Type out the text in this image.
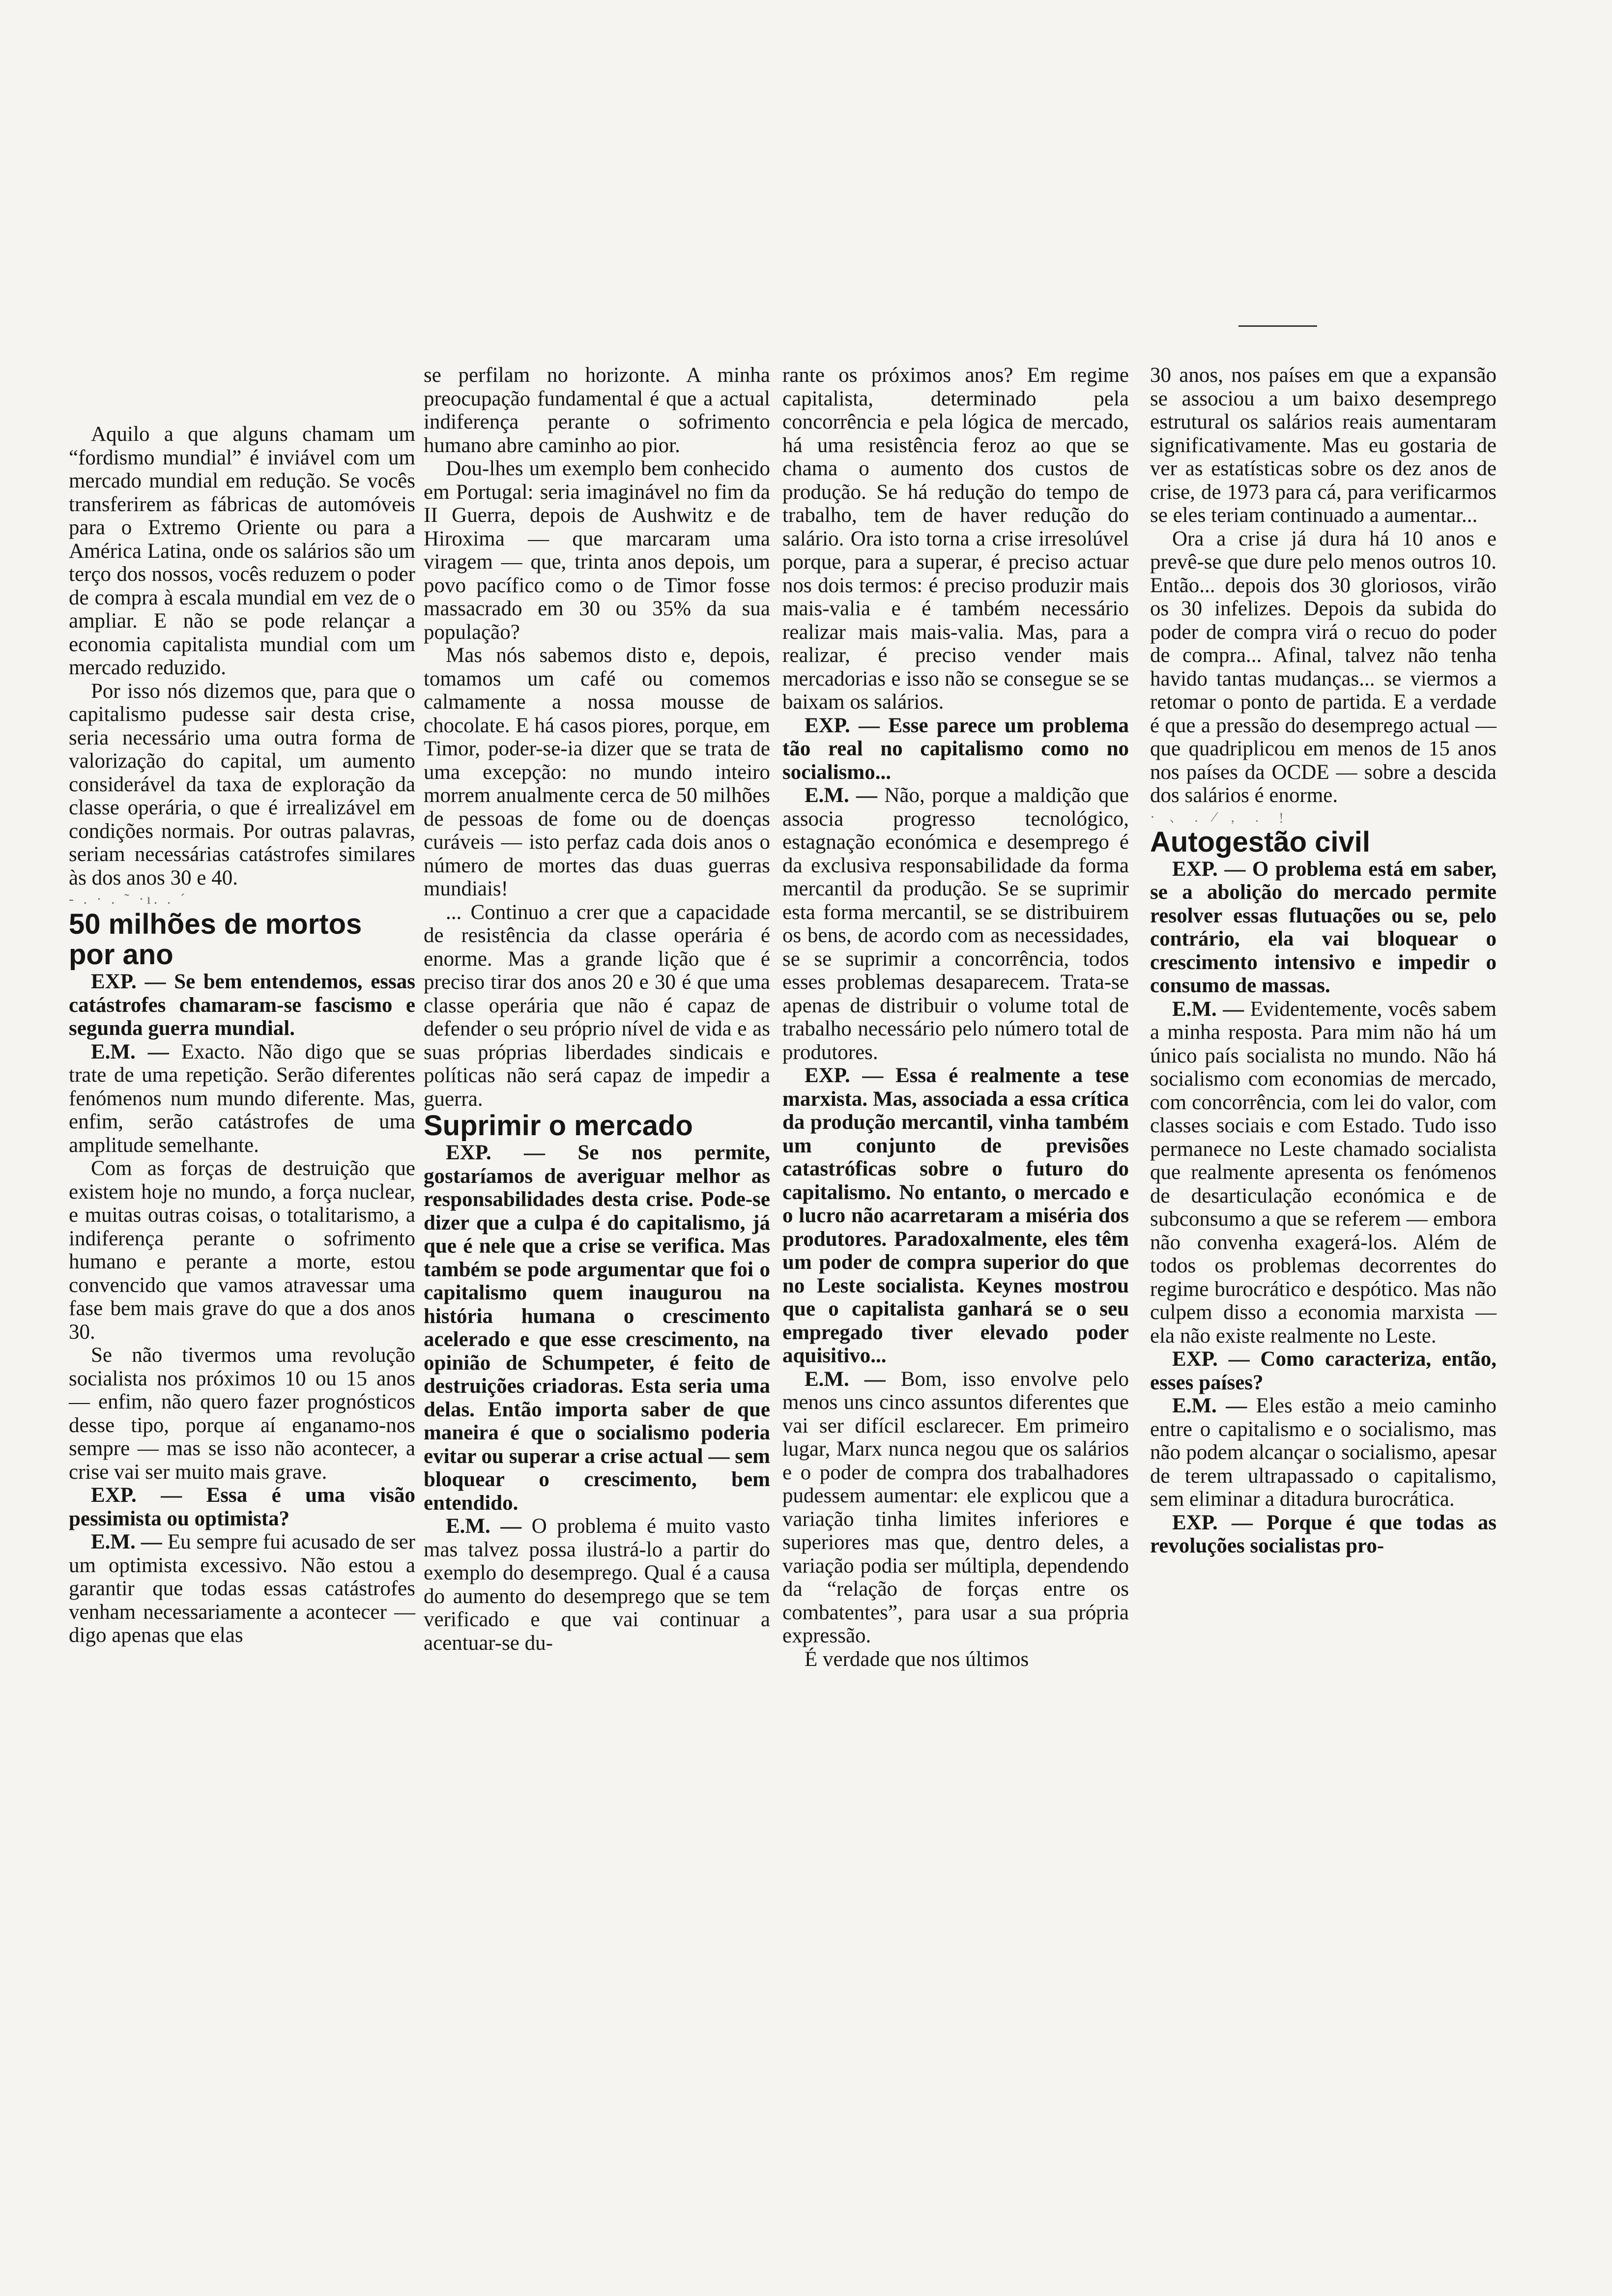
Aquilo a que alguns chamam um “fordismo mundial” é inviável com um mercado mundial em redução. Se vocês transferirem as fábricas de automóveis para o Extremo Oriente ou para a América Latina, onde os salários são um terço dos nossos, vocês reduzem o poder de compra à escala mundial em vez de o ampliar. E não se pode relançar a economia capitalista mundial com um mercado reduzido.

Por isso nós dizemos que, para que o capitalismo pudesse sair desta crise, seria necessário uma outra forma de valorização do capital, um aumento considerável da taxa de exploração da classe operária, o que é irrealizável em condições normais. Por outras palavras, seriam necessárias catástrofes similares às dos anos 30 e 40.

- . · . ˜ ·ı. . ´

50 milhões de mortos por ano

EXP. — Se bem entendemos, essas catástrofes chamaram-se fascismo e segunda guerra mundial.

E.M. — Exacto. Não digo que se trate de uma repetição. Serão diferentes fenómenos num mundo diferente. Mas, enfim, serão catástrofes de uma amplitude semelhante.

Com as forças de destruição que existem hoje no mundo, a força nuclear, e muitas outras coisas, o totalitarismo, a indiferença perante o sofrimento humano e perante a morte, estou convencido que vamos atravessar uma fase bem mais grave do que a dos anos 30.

Se não tivermos uma revolução socialista nos próximos 10 ou 15 anos — enfim, não quero fazer prognósticos desse tipo, porque aí enganamo-nos sempre — mas se isso não acontecer, a crise vai ser muito mais grave.

EXP. — Essa é uma visão pessimista ou optimista?

E.M. — Eu sempre fui acusado de ser um optimista excessivo. Não estou a garantir que todas essas catástrofes venham necessariamente a acontecer — digo apenas que elas

se perfilam no horizonte. A minha preocupação fundamental é que a actual indiferença perante o sofrimento humano abre caminho ao pior.

Dou-lhes um exemplo bem conhecido em Portugal: seria imaginável no fim da II Guerra, depois de Aushwitz e de Hiroxima — que marcaram uma viragem — que, trinta anos depois, um povo pacífico como o de Timor fosse massacrado em 30 ou 35% da sua população?

Mas nós sabemos disto e, depois, tomamos um café ou comemos calmamente a nossa mousse de chocolate. E há casos piores, porque, em Timor, poder-se-ia dizer que se trata de uma excepção: no mundo inteiro morrem anualmente cerca de 50 milhões de pessoas de fome ou de doenças curáveis — isto perfaz cada dois anos o número de mortes das duas guerras mundiais!

... Continuo a crer que a capacidade de resistência da classe operária é enorme. Mas a grande lição que é preciso tirar dos anos 20 e 30 é que uma classe operária que não é capaz de defender o seu próprio nível de vida e as suas próprias liberdades sindicais e políticas não será capaz de impedir a guerra.

Suprimir o mercado

EXP. — Se nos permite, gostaríamos de averiguar melhor as responsabilidades desta crise. Pode-se dizer que a culpa é do capitalismo, já que é nele que a crise se verifica. Mas também se pode argumentar que foi o capitalismo quem inaugurou na história humana o crescimento acelerado e que esse crescimento, na opinião de Schumpeter, é feito de destruições criadoras. Esta seria uma delas. Então importa saber de que maneira é que o socialismo poderia evitar ou superar a crise actual — sem bloquear o crescimento, bem entendido.

E.M. — O problema é muito vasto mas talvez possa ilustrá-lo a partir do exemplo do desemprego. Qual é a causa do aumento do desemprego que se tem verificado e que vai continuar a acentuar-se du-

rante os próximos anos? Em regime capitalista, determinado pela concorrência e pela lógica de mercado, há uma resistência feroz ao que se chama o aumento dos custos de produção. Se há redução do tempo de trabalho, tem de haver redução do salário. Ora isto torna a crise irresolúvel porque, para a superar, é preciso actuar nos dois termos: é preciso produzir mais mais-valia e é também necessário realizar mais mais-valia. Mas, para a realizar, é preciso vender mais mercadorias e isso não se consegue se se baixam os salários.

EXP. — Esse parece um problema tão real no capitalismo como no socialismo...

E.M. — Não, porque a maldição que associa progresso tecnológico, estagnação económica e desemprego é da exclusiva responsabilidade da forma mercantil da produção. Se se suprimir esta forma mercantil, se se distribuirem os bens, de acordo com as necessidades, se se suprimir a concorrência, todos esses problemas desaparecem. Trata-se apenas de distribuir o volume total de trabalho necessário pelo número total de produtores.

EXP. — Essa é realmente a tese marxista. Mas, associada a essa crítica da produção mercantil, vinha também um conjunto de previsões catastróficas sobre o futuro do capitalismo. No entanto, o mercado e o lucro não acarretaram a miséria dos produtores. Paradoxalmente, eles têm um poder de compra superior do que no Leste socialista. Keynes mostrou que o capitalista ganhará se o seu empregado tiver elevado poder aquisitivo...

E.M. — Bom, isso envolve pelo menos uns cinco assuntos diferentes que vai ser difícil esclarecer. Em primeiro lugar, Marx nunca negou que os salários e o poder de compra dos trabalhadores pudessem aumentar: ele explicou que a variação tinha limites inferiores e superiores mas que, dentro deles, a variação podia ser múltipla, dependendo da “relação de forças entre os combatentes”, para usar a sua própria expressão.

É verdade que nos últimos

30 anos, nos países em que a expansão se associou a um baixo desemprego estrutural os salários reais aumentaram significativamente. Mas eu gostaria de ver as estatísticas sobre os dez anos de crise, de 1973 para cá, para verificarmos se eles teriam continuado a aumentar...

Ora a crise já dura há 10 anos e prevê-se que dure pelo menos outros 10. Então... depois dos 30 gloriosos, virão os 30 infelizes. Depois da subida do poder de compra virá o recuo do poder de compra... Afinal, talvez não tenha havido tantas mudanças... se viermos a retomar o ponto de partida. E a verdade é que a pressão do desemprego actual — que quadriplicou em menos de 15 anos nos países da OCDE — sobre a descida dos salários é enorme.

· ﹑ ﹒ ⁄ ﹐ ﹒ ﹗

Autogestão civil

EXP. — O problema está em saber, se a abolição do mercado permite resolver essas flutuações ou se, pelo contrário, ela vai bloquear o crescimento intensivo e impedir o consumo de massas.

E.M. — Evidentemente, vocês sabem a minha resposta. Para mim não há um único país socialista no mundo. Não há socialismo com economias de mercado, com concorrência, com lei do valor, com classes sociais e com Estado. Tudo isso permanece no Leste chamado socialista que realmente apresenta os fenómenos de desarticulação económica e de subconsumo a que se referem — embora não convenha exagerá-los. Além de todos os problemas decorrentes do regime burocrático e despótico. Mas não culpem disso a economia marxista — ela não existe realmente no Leste.

EXP. — Como caracteriza, então, esses países?

E.M. — Eles estão a meio caminho entre o capitalismo e o socialismo, mas não podem alcançar o socialismo, apesar de terem ultrapassado o capitalismo, sem eliminar a ditadura burocrática.

EXP. — Porque é que todas as revoluções socialistas pro-
